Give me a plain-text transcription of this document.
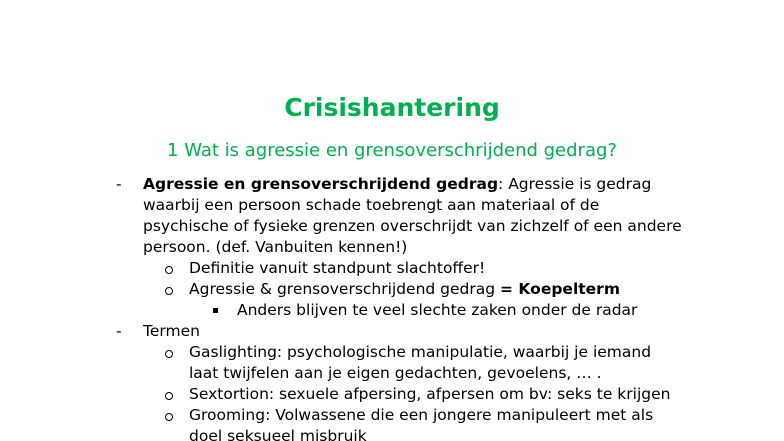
Crisishantering
1 Wat is agressie en grensoverschrijdend gedrag?
- Agressie en grensoverschrijdend gedrag: Agressie is gedrag
waarbij een persoon schade toebrengt aan materiaal of de
psychische of fysieke grenzen overschrijdt van zichzelf of een andere
persoon. (def. Vanbuiten kennen!)
Definitie vanuit standpunt slachtoffer!
Agressie & grensoverschrijdend gedrag = Koepelterm
Anders blijven te veel slechte zaken onder de radar
- Termen
Gaslighting: psychologische manipulatie, waarbij je iemand
laat twijfelen aan je eigen gedachten, gevoelens, … .
Sextortion: sexuele afpersing, afpersen om bv: seks te krijgen
Grooming: Volwassene die een jongere manipuleert met als
doel seksueel misbruik
